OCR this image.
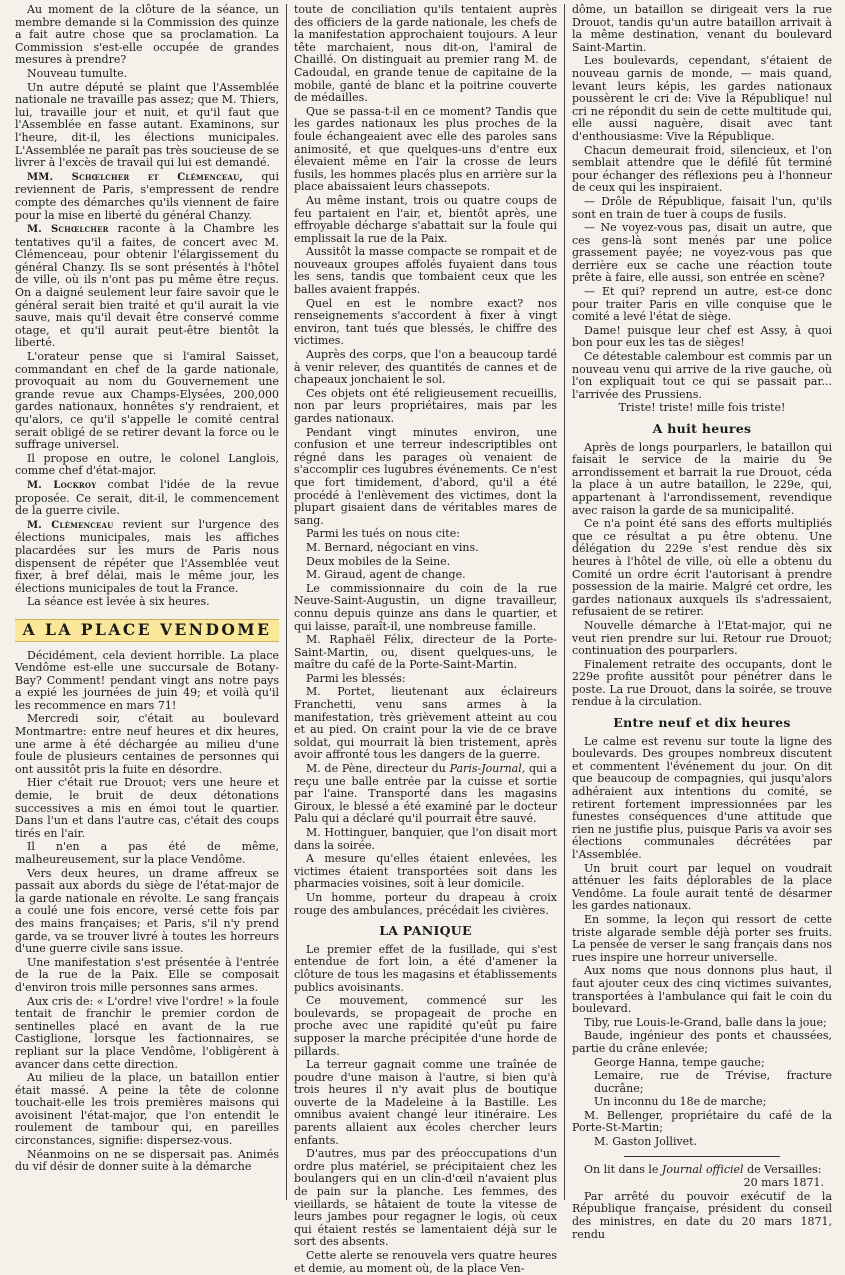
Au moment de la clôture de la séance, un membre demande si la Commission des quinze a fait autre chose que sa proclamation. La Commission s'est-elle occupée de grandes mesures à prendre?

Nouveau tumulte.

Un autre député se plaint que l'Assemblée nationale ne travaille pas assez; que M. Thiers, lui, travaille jour et nuit, et qu'il faut que l'Assemblée en fasse autant. Examinons, sur l'heure, dit-il, les élections municipales. L'Assemblée ne paraît pas très soucieuse de se livrer à l'excès de travail qui lui est demandé.

MM. Schœlcher et Clémenceau, qui reviennent de Paris, s'empressent de rendre compte des démarches qu'ils viennent de faire pour la mise en liberté du général Chanzy.

M. Schœlcher raconte à la Chambre les tentatives qu'il a faites, de concert avec M. Clémenceau, pour obtenir l'élargissement du général Chanzy. Ils se sont présentés à l'hôtel de ville, où ils n'ont pas pu même être reçus. On a daigné seulement leur faire savoir que le général serait bien traité et qu'il aurait la vie sauve, mais qu'il devait être conservé comme otage, et qu'il aurait peut-être bientôt la liberté.

L'orateur pense que si l'amiral Saisset, commandant en chef de la garde nationale, provoquait au nom du Gouvernement une grande revue aux Champs-Elysées, 200,000 gardes nationaux, honnêtes s'y rendraient, et qu'alors, ce qu'il s'appelle le comité central serait obligé de se retirer devant la force ou le suffrage universel.

Il propose en outre, le colonel Langlois, comme chef d'état-major.

M. Lockroy combat l'idée de la revue proposée. Ce serait, dit-il, le commencement de la guerre civile.

M. Clémenceau revient sur l'urgence des élections municipales, mais les affiches placardées sur les murs de Paris nous dispensent de répéter que l'Assemblée veut fixer, à bref délai, mais le même jour, les élections municipales de tout la France.

La séance est levée à six heures.

A LA PLACE VENDOME

Décidément, cela devient horrible. La place Vendôme est-elle une succursale de Botany-Bay? Comment! pendant vingt ans notre pays a expié les journées de juin 49; et voilà qu'il les recommence en mars 71!

Mercredi soir, c'était au boulevard Montmartre: entre neuf heures et dix heures, une arme à été déchargée au milieu d'une foule de plusieurs centaines de personnes qui ont aussitôt pris la fuite en désordre.

Hier c'était rue Drouot; vers une heure et demie, le bruit de deux détonations successives a mis en émoi tout le quartier. Dans l'un et dans l'autre cas, c'était des coups tirés en l'air.

Il n'en a pas été de même, malheureusement, sur la place Vendôme.

Vers deux heures, un drame affreux se passait aux abords du siège de l'état-major de la garde nationale en révolte. Le sang français a coulé une fois encore, versé cette fois par des mains françaises; et Paris, s'il n'y prend garde, va se trouver livré à toutes les horreurs d'une guerre civile sans issue.

Une manifestation s'est présentée à l'entrée de la rue de la Paix. Elle se composait d'environ trois mille personnes sans armes.

Aux cris de: « L'ordre! vive l'ordre! » la foule tentait de franchir le premier cordon de sentinelles placé en avant de la rue Castiglione, lorsque les factionnaires, se repliant sur la place Vendôme, l'obligèrent à avancer dans cette direction.

Au milieu de la place, un bataillon entier était massé. A peine la tête de colonne touchait-elle les trois premières maisons qui avoisinent l'état-major, que l'on entendit le roulement de tambour qui, en pareilles circonstances, signifie: dispersez-vous.

Néanmoins on ne se dispersait pas. Animés du vif désir de donner suite à la démarche

toute de conciliation qu'ils tentaient auprès des officiers de la garde nationale, les chefs de la manifestation approchaient toujours. A leur tête marchaient, nous dit-on, l'amiral de Chaillé. On distinguait au premier rang M. de Cadoudal, en grande tenue de capitaine de la mobile, ganté de blanc et la poitrine couverte de médailles.

Que se passa-t-il en ce moment? Tandis que les gardes nationaux les plus proches de la foule échangeaient avec elle des paroles sans animosité, et que quelques-uns d'entre eux élevaient même en l'air la crosse de leurs fusils, les hommes placés plus en arrière sur la place abaissaient leurs chassepots.

Au même instant, trois ou quatre coups de feu partaient en l'air, et, bientôt après, une effroyable décharge s'abattait sur la foule qui emplissait la rue de la Paix.

Aussitôt la masse compacte se rompait et de nouveaux groupes affolés fuyaient dans tous les sens, tandis que tombaient ceux que les balles avaient frappés.

Quel en est le nombre exact? nos renseignements s'accordent à fixer à vingt environ, tant tués que blessés, le chiffre des victimes.

Auprès des corps, que l'on a beaucoup tardé à venir relever, des quantités de cannes et de chapeaux jonchaient le sol.

Ces objets ont été religieusement recueillis, non par leurs propriétaires, mais par les gardes nationaux.

Pendant vingt minutes environ, une confusion et une terreur indescriptibles ont régné dans les parages où venaient de s'accomplir ces lugubres événements. Ce n'est que fort timidement, d'abord, qu'il a été procédé à l'enlèvement des victimes, dont la plupart gisaient dans de véritables mares de sang.

Parmi les tués on nous cite:

M. Bernard, négociant en vins.

Deux mobiles de la Seine.

M. Giraud, agent de change.

Le commissionnaire du coin de la rue Neuve-Saint-Augustin, un digne travailleur, connu depuis quinze ans dans le quartier, et qui laisse, paraît-il, une nombreuse famille.

M. Raphaël Félix, directeur de la Porte-Saint-Martin, ou, disent quelques-uns, le maître du café de la Porte-Saint-Martin.

Parmi les blessés:

M. Portet, lieutenant aux éclaireurs Franchetti, venu sans armes à la manifestation, très grièvement atteint au cou et au pied. On craint pour la vie de ce brave soldat, qui mourrait là bien tristement, après avoir affronté tous les dangers de la guerre.

M. de Pène, directeur du Paris-Journal, qui a reçu une balle entrée par la cuisse et sortie par l'aine. Transporté dans les magasins Giroux, le blessé a été examiné par le docteur Palu qui a déclaré qu'il pourrait être sauvé.

M. Hottinguer, banquier, que l'on disait mort dans la soirée.

A mesure qu'elles étaient enlevées, les victimes étaient transportées soit dans les pharmacies voisines, soit à leur domicile.

Un homme, porteur du drapeau à croix rouge des ambulances, précédait les civières.

LA PANIQUE

Le premier effet de la fusillade, qui s'est entendue de fort loin, a été d'amener la clôture de tous les magasins et établissements publics avoisinants.

Ce mouvement, commencé sur les boulevards, se propageait de proche en proche avec une rapidité qu'eût pu faire supposer la marche précipitée d'une horde de pillards.

La terreur gagnait comme une traînée de poudre d'une maison à l'autre, si bien qu'à trois heures il n'y avait plus de boutique ouverte de la Madeleine à la Bastille. Les omnibus avaient changé leur itinéraire. Les parents allaient aux écoles chercher leurs enfants.

D'autres, mus par des préoccupations d'un ordre plus matériel, se précipitaient chez les boulangers qui en un clin-d'œil n'avaient plus de pain sur la planche. Les femmes, des vieillards, se hâtaient de toute la vitesse de leurs jambes pour regagner le logis, où ceux qui étaient restés se lamentaient déjà sur le sort des absents.

Cette alerte se renouvela vers quatre heures et demie, au moment où, de la place Ven-

dôme, un bataillon se dirigeait vers la rue Drouot, tandis qu'un autre bataillon arrivait à la même destination, venant du boulevard Saint-Martin.

Les boulevards, cependant, s'étaient de nouveau garnis de monde, — mais quand, levant leurs képis, les gardes nationaux poussèrent le cri de: Vive la République! nul cri ne répondit du sein de cette multitude qui, elle aussi naguère, disait avec tant d'enthousiasme: Vive la République.

Chacun demeurait froid, silencieux, et l'on semblait attendre que le défilé fût terminé pour échanger des réflexions peu à l'honneur de ceux qui les inspiraient.

— Drôle de République, faisait l'un, qu'ils sont en train de tuer à coups de fusils.

— Ne voyez-vous pas, disait un autre, que ces gens-là sont menés par une police grassement payée; ne voyez-vous pas que derrière eux se cache une réaction toute prête à faire, elle aussi, son entrée en scène?

— Et qui? reprend un autre, est-ce donc pour traiter Paris en ville conquise que le comité a levé l'état de siège.

Dame! puisque leur chef est Assy, à quoi bon pour eux les tas de sièges!

Ce détestable calembour est commis par un nouveau venu qui arrive de la rive gauche, où l'on expliquait tout ce qui se passait par... l'arrivée des Prussiens.

Triste! triste! mille fois triste!

A huit heures

Après de longs pourparlers, le bataillon qui faisait le service de la mairie du 9e arrondissement et barrait la rue Drouot, céda la place à un autre bataillon, le 229e, qui, appartenant à l'arrondissement, revendique avec raison la garde de sa municipalité.

Ce n'a point été sans des efforts multipliés que ce résultat a pu être obtenu. Une délégation du 229e s'est rendue dès six heures à l'hôtel de ville, où elle a obtenu du Comité un ordre écrit l'autorisant à prendre possession de la mairie. Malgré cet ordre, les gardes nationaux auxquels ils s'adressaient, refusaient de se retirer.

Nouvelle démarche à l'Etat-major, qui ne veut rien prendre sur lui. Retour rue Drouot; continuation des pourparlers.

Finalement retraite des occupants, dont le 229e profite aussitôt pour pénétrer dans le poste. La rue Drouot, dans la soirée, se trouve rendue à la circulation.

Entre neuf et dix heures

Le calme est revenu sur toute la ligne des boulevards. Des groupes nombreux discutent et commentent l'événement du jour. On dit que beaucoup de compagnies, qui jusqu'alors adhéraient aux intentions du comité, se retirent fortement impressionnées par les funestes conséquences d'une attitude que rien ne justifie plus, puisque Paris va avoir ses élections communales décrétées par l'Assemblée.

Un bruit court par lequel on voudrait atténuer les faits déplorables de la place Vendôme. La foule aurait tenté de désarmer les gardes nationaux.

En somme, la leçon qui ressort de cette triste algarade semble déjà porter ses fruits. La pensée de verser le sang français dans nos rues inspire une horreur universelle.

Aux noms que nous donnons plus haut, il faut ajouter ceux des cinq victimes suivantes, transportées à l'ambulance qui fait le coin du boulevard.

Tiby, rue Louis-le-Grand, balle dans la joue;

Baude, ingénieur des ponts et chaussées, partie du crâne enlevée;

George Hanna, tempe gauche;

Lemaire, rue de Trévise, fracture ducrâne;

Un inconnu du 18e de marche;

M. Bellenger, propriétaire du café de la Porte-St-Martin;

M. Gaston Jollivet.

On lit dans le Journal officiel de Versailles:

20 mars 1871.

Par arrêté du pouvoir exécutif de la République française, président du conseil des ministres, en date du 20 mars 1871, rendu
